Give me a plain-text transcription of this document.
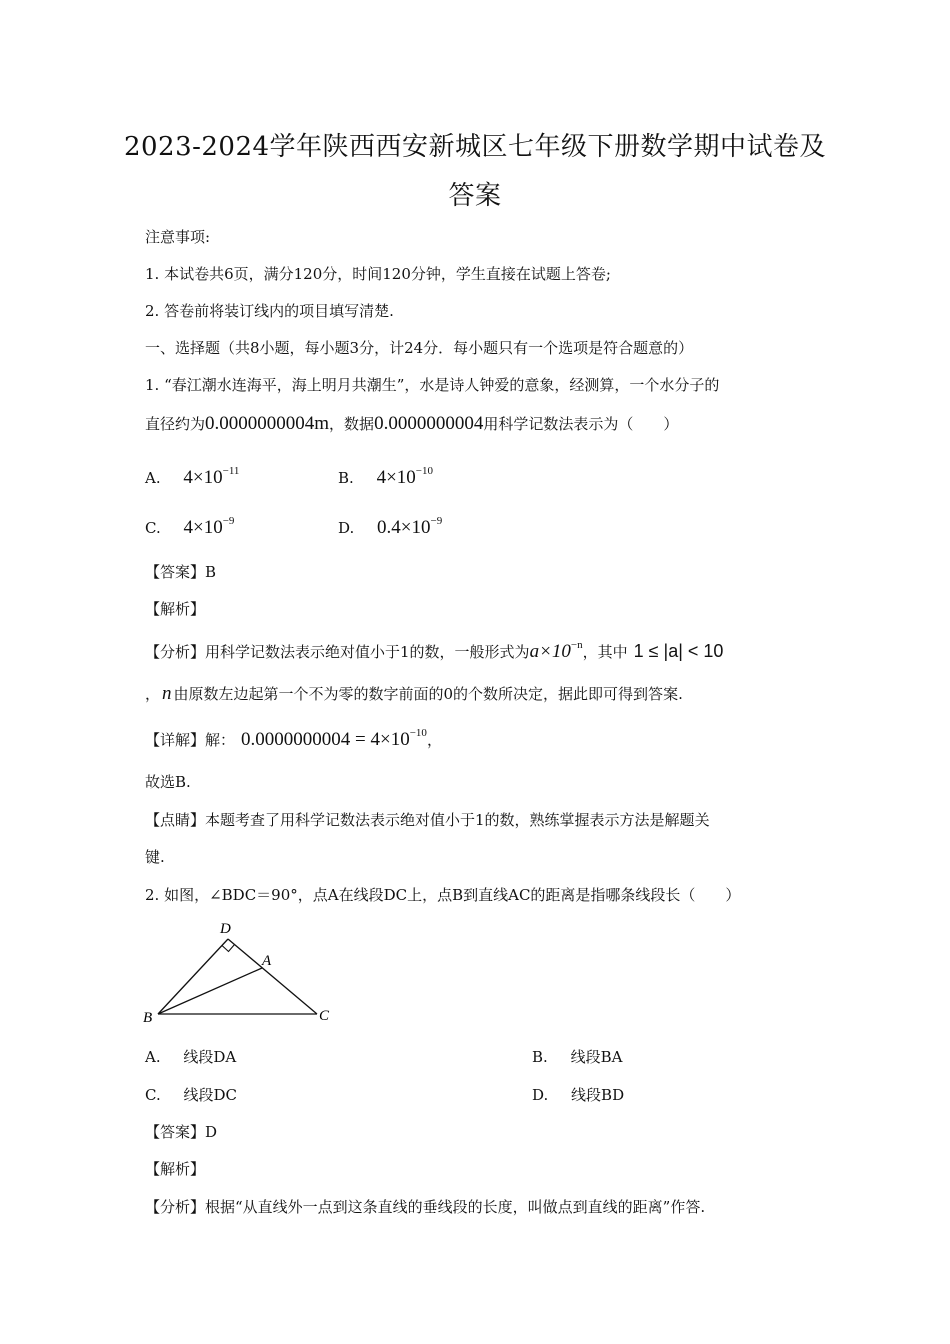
2023-2024学年陕西西安新城区七年级下册数学期中试卷及
答案
注意事项:
1. 本试卷共6页，满分120分，时间120分钟，学生直接在试题上答卷;
2. 答卷前将装订线内的项目填写清楚.
一、选择题（共8小题，每小题3分，计24分．每小题只有一个选项是符合题意的）
1. “春江潮水连海平，海上明月共潮生”，水是诗人钟爱的意象，经测算，一个水分子的
直径约为0.0000000004m，数据0.0000000004用科学记数法表示为（　　）
A. $4\times 10^{-11}$	B. $4\times 10^{-10}$
C. $4\times 10^{-9}$	D. $0.4\times 10^{-9}$
【答案】B
【解析】
【分析】用科学记数法表示绝对值小于1的数，一般形式为$a\times 10^{-n}$，其中 1 ≤ |a| < 10
， n 由原数左边起第一个不为零的数字前面的0的个数所决定，据此即可得到答案.
【详解】解： $0.0000000004 = 4\times 10^{-10}$，
故选B.
【点睛】本题考查了用科学记数法表示绝对值小于1的数，熟练掌握表示方法是解题关
键.
2. 如图，∠BDC＝90°，点A在线段DC上，点B到直线AC的距离是指哪条线段长（　　）
D
A
B	C
A. 线段DA	B. 线段BA
C. 线段DC	D. 线段BD
【答案】D
【解析】
【分析】根据“从直线外一点到这条直线的垂线段的长度，叫做点到直线的距离”作答.
